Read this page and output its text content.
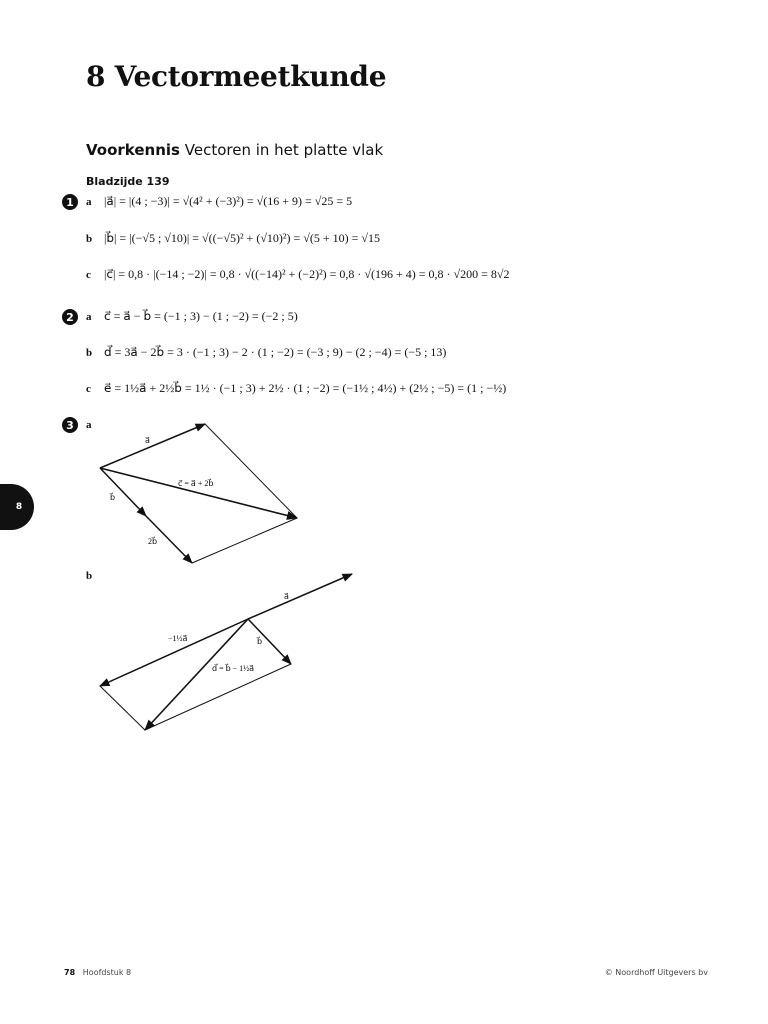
8 Vectormeetkunde
Voorkennis Vectoren in het platte vlak
Bladzijde 139
8
1	a |a⃗| = |(4 ; −3)| = √(4² + (−3)²) = √(16 + 9) = √25 = 5
b |b⃗| = |(−√5 ; √10)| = √((−√5)² + (√10)²) = √(5 + 10) = √15
c |c⃗| = 0,8 · |(−14 ; −2)| = 0,8 · √((−14)² + (−2)²) = 0,8 · √(196 + 4) = 0,8 · √200 = 8√2
2	a c⃗ = a⃗ − b⃗ = (−1 ; 3) − (1 ; −2) = (−2 ; 5)
b d⃗ = 3a⃗ − 2b⃗ = 3 · (−1 ; 3) − 2 · (1 ; −2) = (−3 ; 9) − (2 ; −4) = (−5 ; 13)
c e⃗ = 1½a⃗ + 2½b⃗ = 1½ · (−1 ; 3) + 2½ · (1 ; −2) = (−1½ ; 4½) + (2½ ; −5) = (1 ; −½)
3	a
b
a⃗
c⃗ = a⃗ + 2b⃗
b⃗
2b⃗
a⃗
−1½a⃗	b⃗
d⃗ = b⃗ − 1½a⃗
78 Hoofdstuk 8	© Noordhoff Uitgevers bv
